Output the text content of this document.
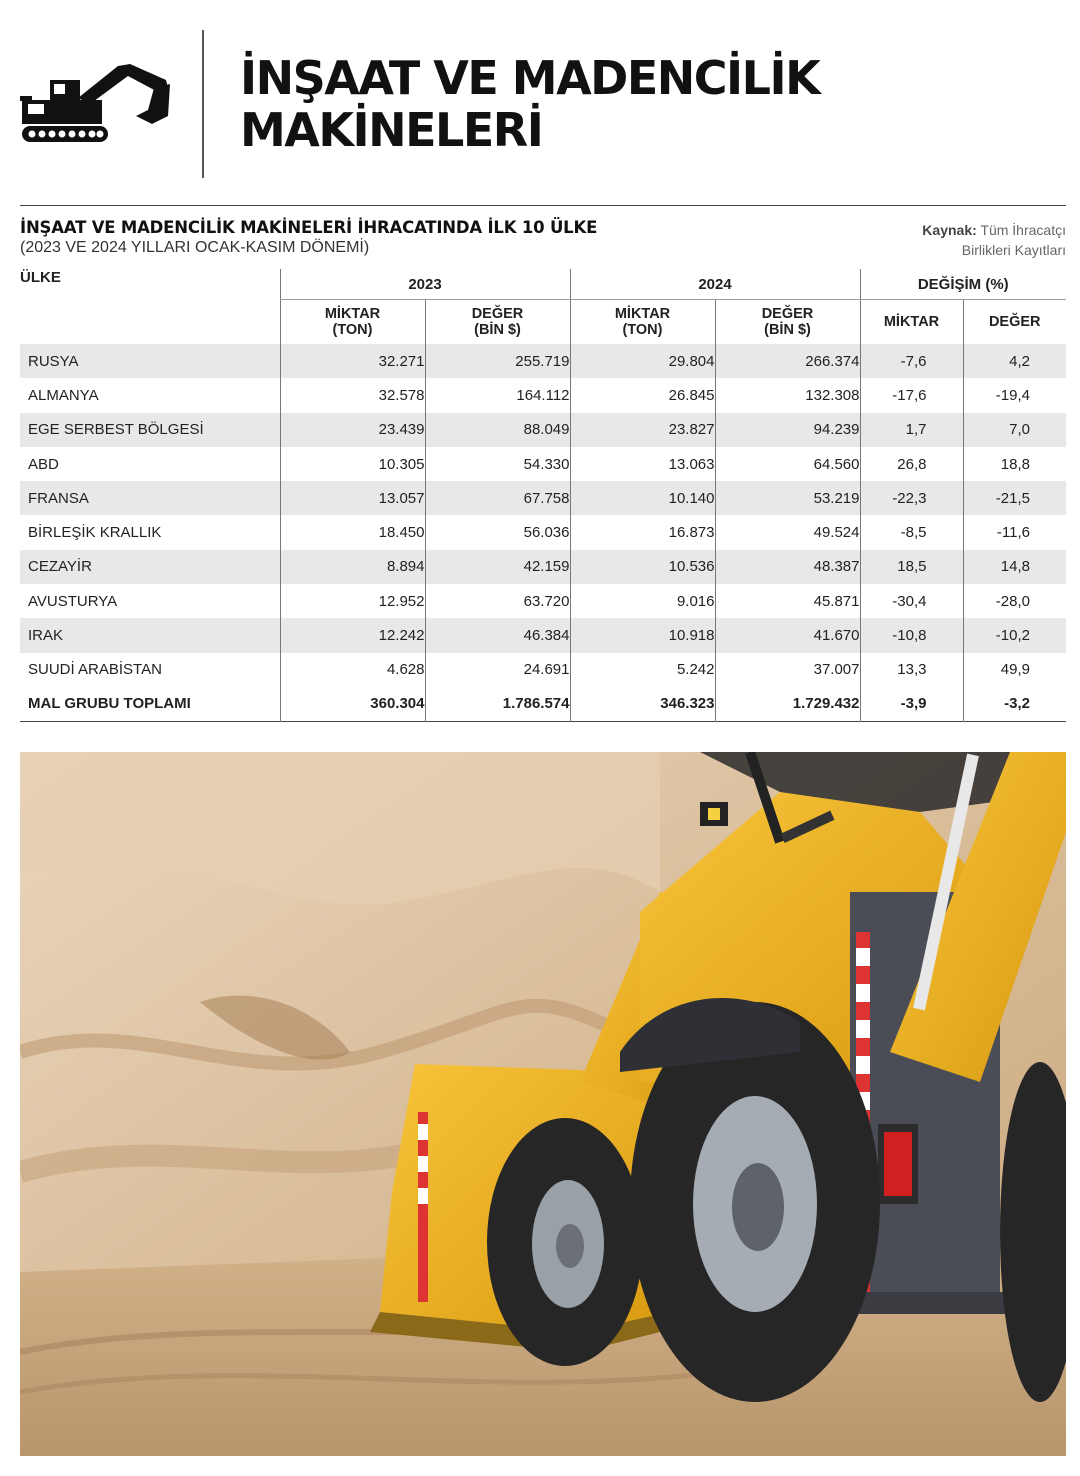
İNŞAAT VE MADENCİLİK
MAKİNELERİ
İNŞAAT VE MADENCİLİK MAKİNELERİ İHRACATINDA İLK 10 ÜLKE
(2023 VE 2024 YILLARI OCAK-KASIM DÖNEMİ)
Kaynak: Tüm İhracatçı
Birlikleri Kayıtları
ÜLKE	2023		2024		DEĞİŞİM (%)	
	MİKTAR
(TON)	DEĞER
(BİN $)	MİKTAR
(TON)	DEĞER
(BİN $)	MİKTAR	DEĞER
RUSYA	32.271	255.719	29.804	266.374	-7,6	4,2
ALMANYA	32.578	164.112	26.845	132.308	-17,6	-19,4
EGE SERBEST BÖLGESİ	23.439	88.049	23.827	94.239	1,7	7,0
ABD	10.305	54.330	13.063	64.560	26,8	18,8
FRANSA	13.057	67.758	10.140	53.219	-22,3	-21,5
BİRLEŞİK KRALLIK	18.450	56.036	16.873	49.524	-8,5	-11,6
CEZAYİR	8.894	42.159	10.536	48.387	18,5	14,8
AVUSTURYA	12.952	63.720	9.016	45.871	-30,4	-28,0
IRAK	12.242	46.384	10.918	41.670	-10,8	-10,2
SUUDİ ARABİSTAN	4.628	24.691	5.242	37.007	13,3	49,9
MAL GRUBU TOPLAMI	360.304	1.786.574	346.323	1.729.432	-3,9	-3,2
